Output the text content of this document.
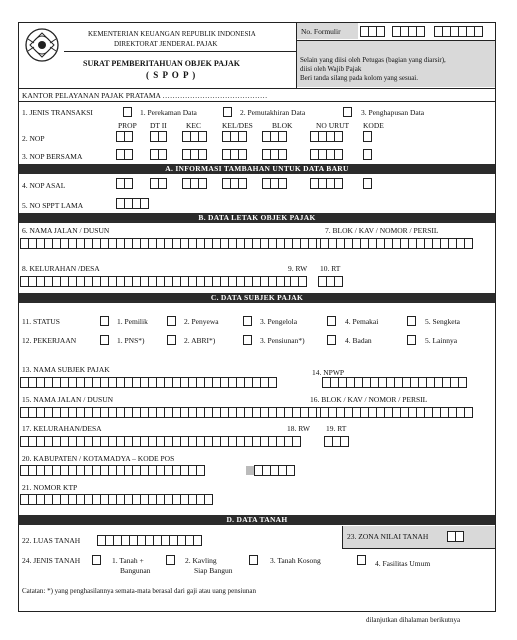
KEMENTERIAN KEUANGAN REPUBLIK INDONESIA
DIREKTORAT JENDERAL PAJAK
SURAT PEMBERITAHUAN OBJEK PAJAK
( S P O P )
No. Formulir
Selain yang diisi oleh Petugas (bagian yang diarsir),
diisi oleh Wajib Pajak
Beri tanda silang pada kolom yang sesuai.
KANTOR PELAYANAN PAJAK PRATAMA ……………………………………
1. JENIS TRANSAKSI	1. Perekaman Data	2. Pemutakhiran Data	3. Penghapusan Data
PROP DT II	KEC	KEL/DES	BLOK	NO URUT KODE
2. NOP
3. NOP BERSAMA
A. INFORMASI TAMBAHAN UNTUK DATA BARU
4. NOP ASAL
5. NO SPPT LAMA
B. DATA LETAK OBJEK PAJAK
6. NAMA JALAN / DUSUN	7. BLOK / KAV / NOMOR / PERSIL
8. KELURAHAN /DESA	9. RW 10. RT
C. DATA SUBJEK PAJAK
11. STATUS	1. Pemilik	2. Penyewa	3. Pengelola	4. Pemakai	5. Sengketa
12. PEKERJAAN	1. PNS*)	2. ABRI*)	3. Pensiunan*)	4. Badan	5. Lainnya
13. NAMA SUBJEK PAJAK	14. NPWP
15. NAMA JALAN / DUSUN	16. BLOK / KAV / NOMOR / PERSIL
17. KELURAHAN/DESA	18. RW 19. RT
20. KABUPATEN / KOTAMADYA – KODE POS
21. NOMOR KTP
D. DATA TANAH
22. LUAS TANAH	23. ZONA NILAI TANAH
24. JENIS TANAH	1. Tanah +
Bangunan
2. Kavling
Siap Bangun
3. Tanah Kosong	4. Fasilitas Umum
Catatan: *) yang penghasilannya semata-mata berasal dari gaji atau uang pensiunan
dilanjutkan dihalaman berikutnya
